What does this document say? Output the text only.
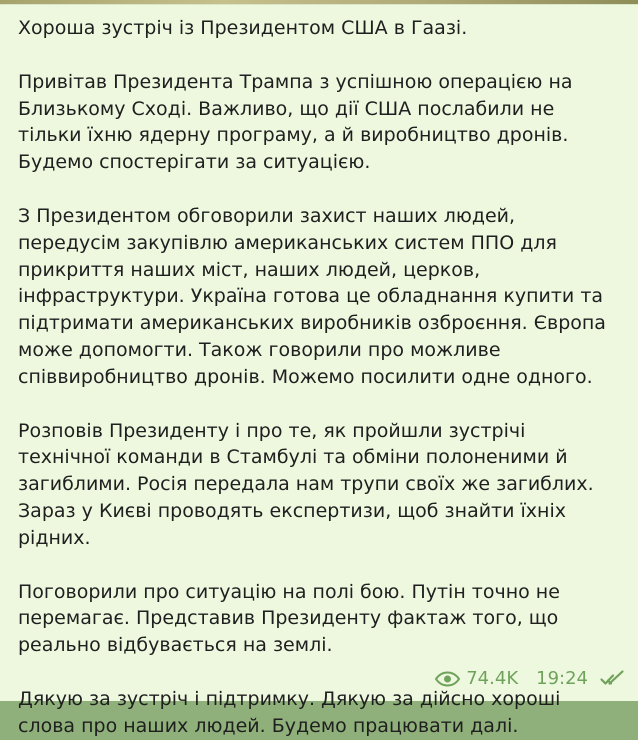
Хороша зустріч із Президентом США в Гаазі.

Привітав Президента Трампа з успішною операцією на Близькому Сході. Важливо, що дії США послабили не тільки їхню ядерну програму, а й виробництво дронів. Будемо спостерігати за ситуацією.

З Президентом обговорили захист наших людей, передусім закупівлю американських систем ППО для прикриття наших міст, наших людей, церков, інфраструктури. Україна готова це обладнання купити та підтримати американських виробників озброєння. Європа може допомогти. Також говорили про можливе співвиробництво дронів. Можемо посилити одне одного.

Розповів Президенту і про те, як пройшли зустрічі технічної команди в Стамбулі та обміни полоненими й загиблими. Росія передала нам трупи своїх же загиблих. Зараз у Києві проводять експертизи, щоб знайти їхніх рідних.

Поговорили про ситуацію на полі бою. Путін точно не перемагає. Представив Президенту фактаж того, що реально відбувається на землі.

Дякую за зустріч і підтримку. Дякую за дійсно хороші слова про наших людей. Будемо працювати далі.

74.4K 19:24
